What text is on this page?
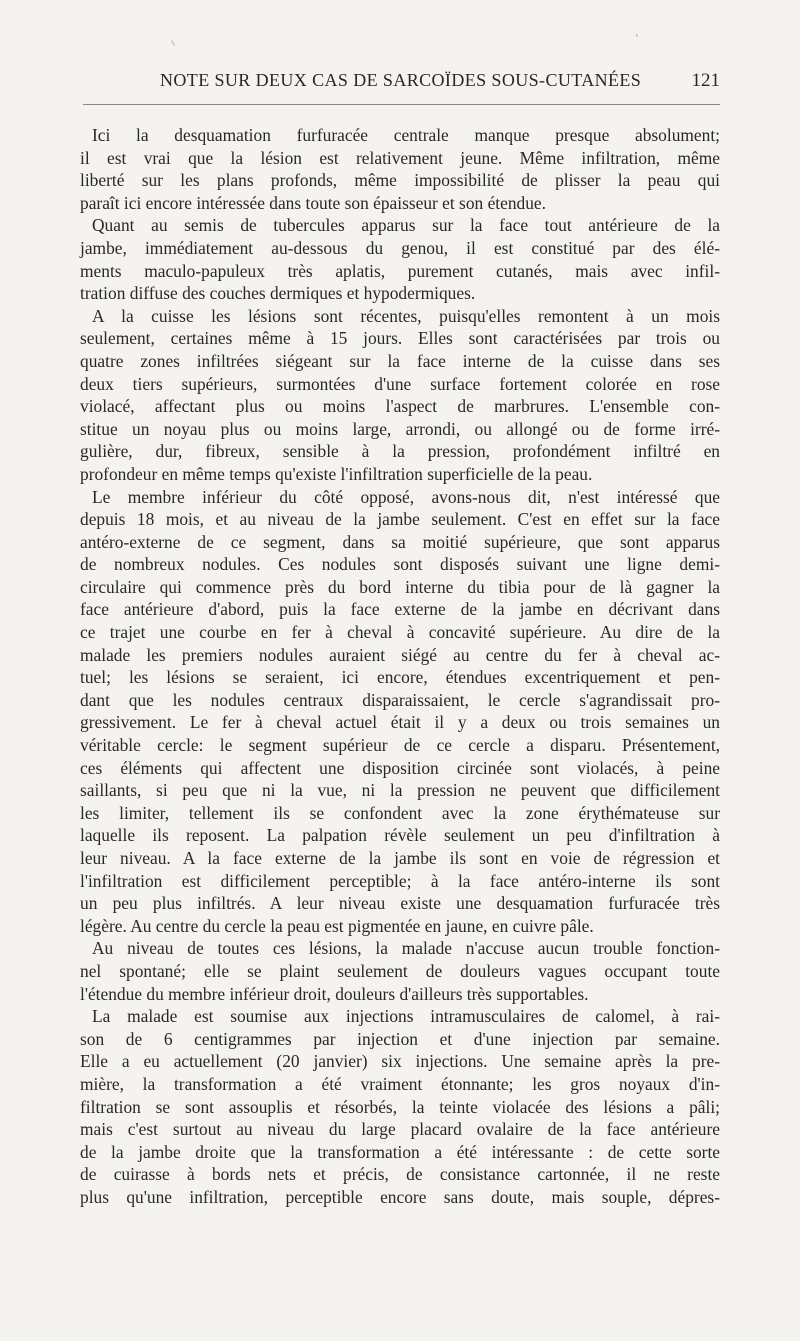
NOTE SUR DEUX CAS DE SARCOÏDES SOUS-CUTANÉES	121
Ici la desquamation furfuracée centrale manque presque absolument;
il est vrai que la lésion est relativement jeune. Même infiltration, même
liberté sur les plans profonds, même impossibilité de plisser la peau qui
paraît ici encore intéressée dans toute son épaisseur et son étendue.
Quant au semis de tubercules apparus sur la face tout antérieure de la
jambe, immédiatement au-dessous du genou, il est constitué par des élé-
ments maculo-papuleux très aplatis, purement cutanés, mais avec infil-
tration diffuse des couches dermiques et hypodermiques.
A la cuisse les lésions sont récentes, puisqu'elles remontent à un mois
seulement, certaines même à 15 jours. Elles sont caractérisées par trois ou
quatre zones infiltrées siégeant sur la face interne de la cuisse dans ses
deux tiers supérieurs, surmontées d'une surface fortement colorée en rose
violacé, affectant plus ou moins l'aspect de marbrures. L'ensemble con-
stitue un noyau plus ou moins large, arrondi, ou allongé ou de forme irré-
gulière, dur, fibreux, sensible à la pression, profondément infiltré en
profondeur en même temps qu'existe l'infiltration superficielle de la peau.
Le membre inférieur du côté opposé, avons-nous dit, n'est intéressé que
depuis 18 mois, et au niveau de la jambe seulement. C'est en effet sur la face
antéro-externe de ce segment, dans sa moitié supérieure, que sont apparus
de nombreux nodules. Ces nodules sont disposés suivant une ligne demi-
circulaire qui commence près du bord interne du tibia pour de là gagner la
face antérieure d'abord, puis la face externe de la jambe en décrivant dans
ce trajet une courbe en fer à cheval à concavité supérieure. Au dire de la
malade les premiers nodules auraient siégé au centre du fer à cheval ac-
tuel; les lésions se seraient, ici encore, étendues excentriquement et pen-
dant que les nodules centraux disparaissaient, le cercle s'agrandissait pro-
gressivement. Le fer à cheval actuel était il y a deux ou trois semaines un
véritable cercle: le segment supérieur de ce cercle a disparu. Présentement,
ces éléments qui affectent une disposition circinée sont violacés, à peine
saillants, si peu que ni la vue, ni la pression ne peuvent que difficilement
les limiter, tellement ils se confondent avec la zone érythémateuse sur
laquelle ils reposent. La palpation révèle seulement un peu d'infiltration à
leur niveau. A la face externe de la jambe ils sont en voie de régression et
l'infiltration est difficilement perceptible; à la face antéro-interne ils sont
un peu plus infiltrés. A leur niveau existe une desquamation furfuracée très
légère. Au centre du cercle la peau est pigmentée en jaune, en cuivre pâle.
Au niveau de toutes ces lésions, la malade n'accuse aucun trouble fonction-
nel spontané; elle se plaint seulement de douleurs vagues occupant toute
l'étendue du membre inférieur droit, douleurs d'ailleurs très supportables.
La malade est soumise aux injections intramusculaires de calomel, à rai-
son de 6 centigrammes par injection et d'une injection par semaine.
Elle a eu actuellement (20 janvier) six injections. Une semaine après la pre-
mière, la transformation a été vraiment étonnante; les gros noyaux d'in-
filtration se sont assouplis et résorbés, la teinte violacée des lésions a pâli;
mais c'est surtout au niveau du large placard ovalaire de la face antérieure
de la jambe droite que la transformation a été intéressante : de cette sorte
de cuirasse à bords nets et précis, de consistance cartonnée, il ne reste
plus qu'une infiltration, perceptible encore sans doute, mais souple, dépres-
